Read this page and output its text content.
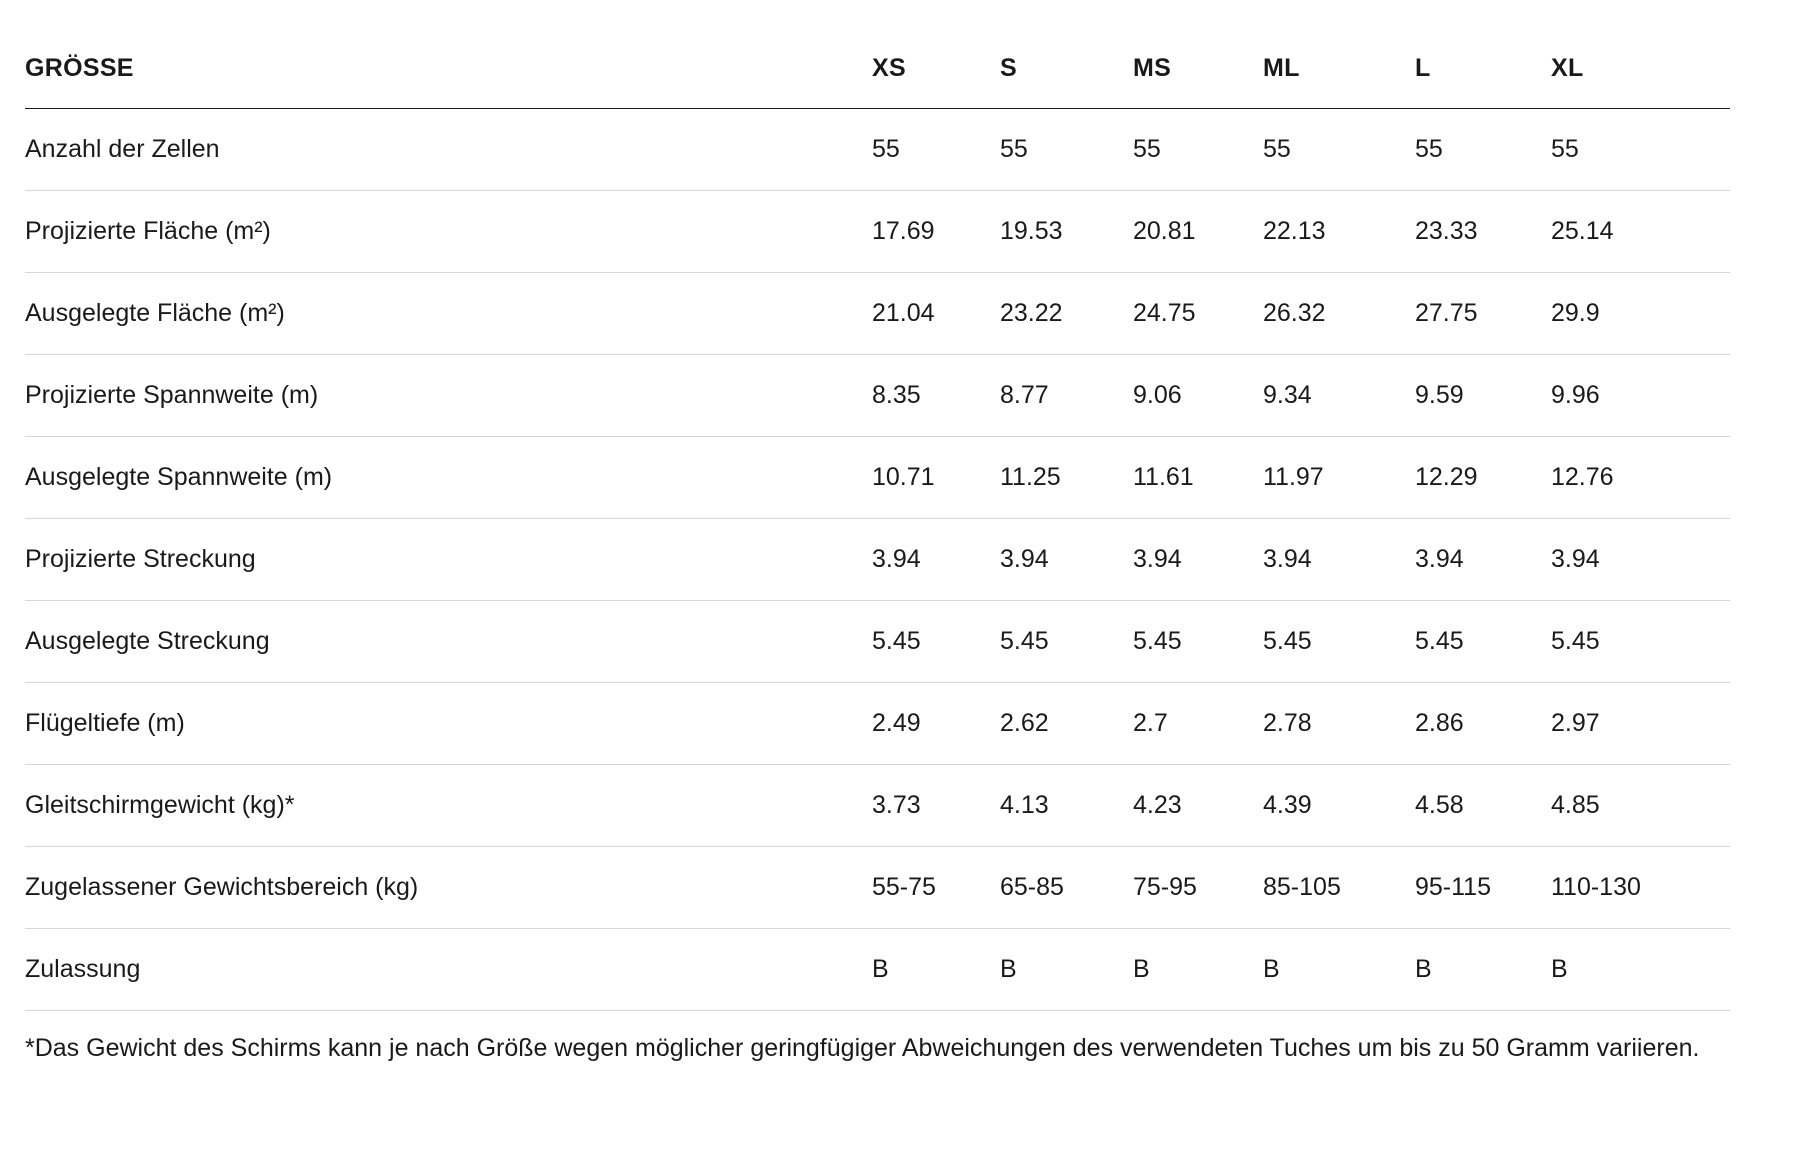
GRÖSSE	XS	S	MS	ML	L	XL
Anzahl der Zellen	55	55	55	55	55	55
Projizierte Fläche (m²)	17.69	19.53	20.81	22.13	23.33	25.14
Ausgelegte Fläche (m²)	21.04	23.22	24.75	26.32	27.75	29.9
Projizierte Spannweite (m)	8.35	8.77	9.06	9.34	9.59	9.96
Ausgelegte Spannweite (m)	10.71	11.25	11.61	11.97	12.29	12.76
Projizierte Streckung	3.94	3.94	3.94	3.94	3.94	3.94
Ausgelegte Streckung	5.45	5.45	5.45	5.45	5.45	5.45
Flügeltiefe (m)	2.49	2.62	2.7	2.78	2.86	2.97
Gleitschirmgewicht (kg)*	3.73	4.13	4.23	4.39	4.58	4.85
Zugelassener Gewichtsbereich (kg)	55-75	65-85	75-95	85-105	95-115	110-130
Zulassung	B	B	B	B	B	B

*Das Gewicht des Schirms kann je nach Größe wegen möglicher geringfügiger Abweichungen des verwendeten Tuches um bis zu 50 Gramm variieren.
